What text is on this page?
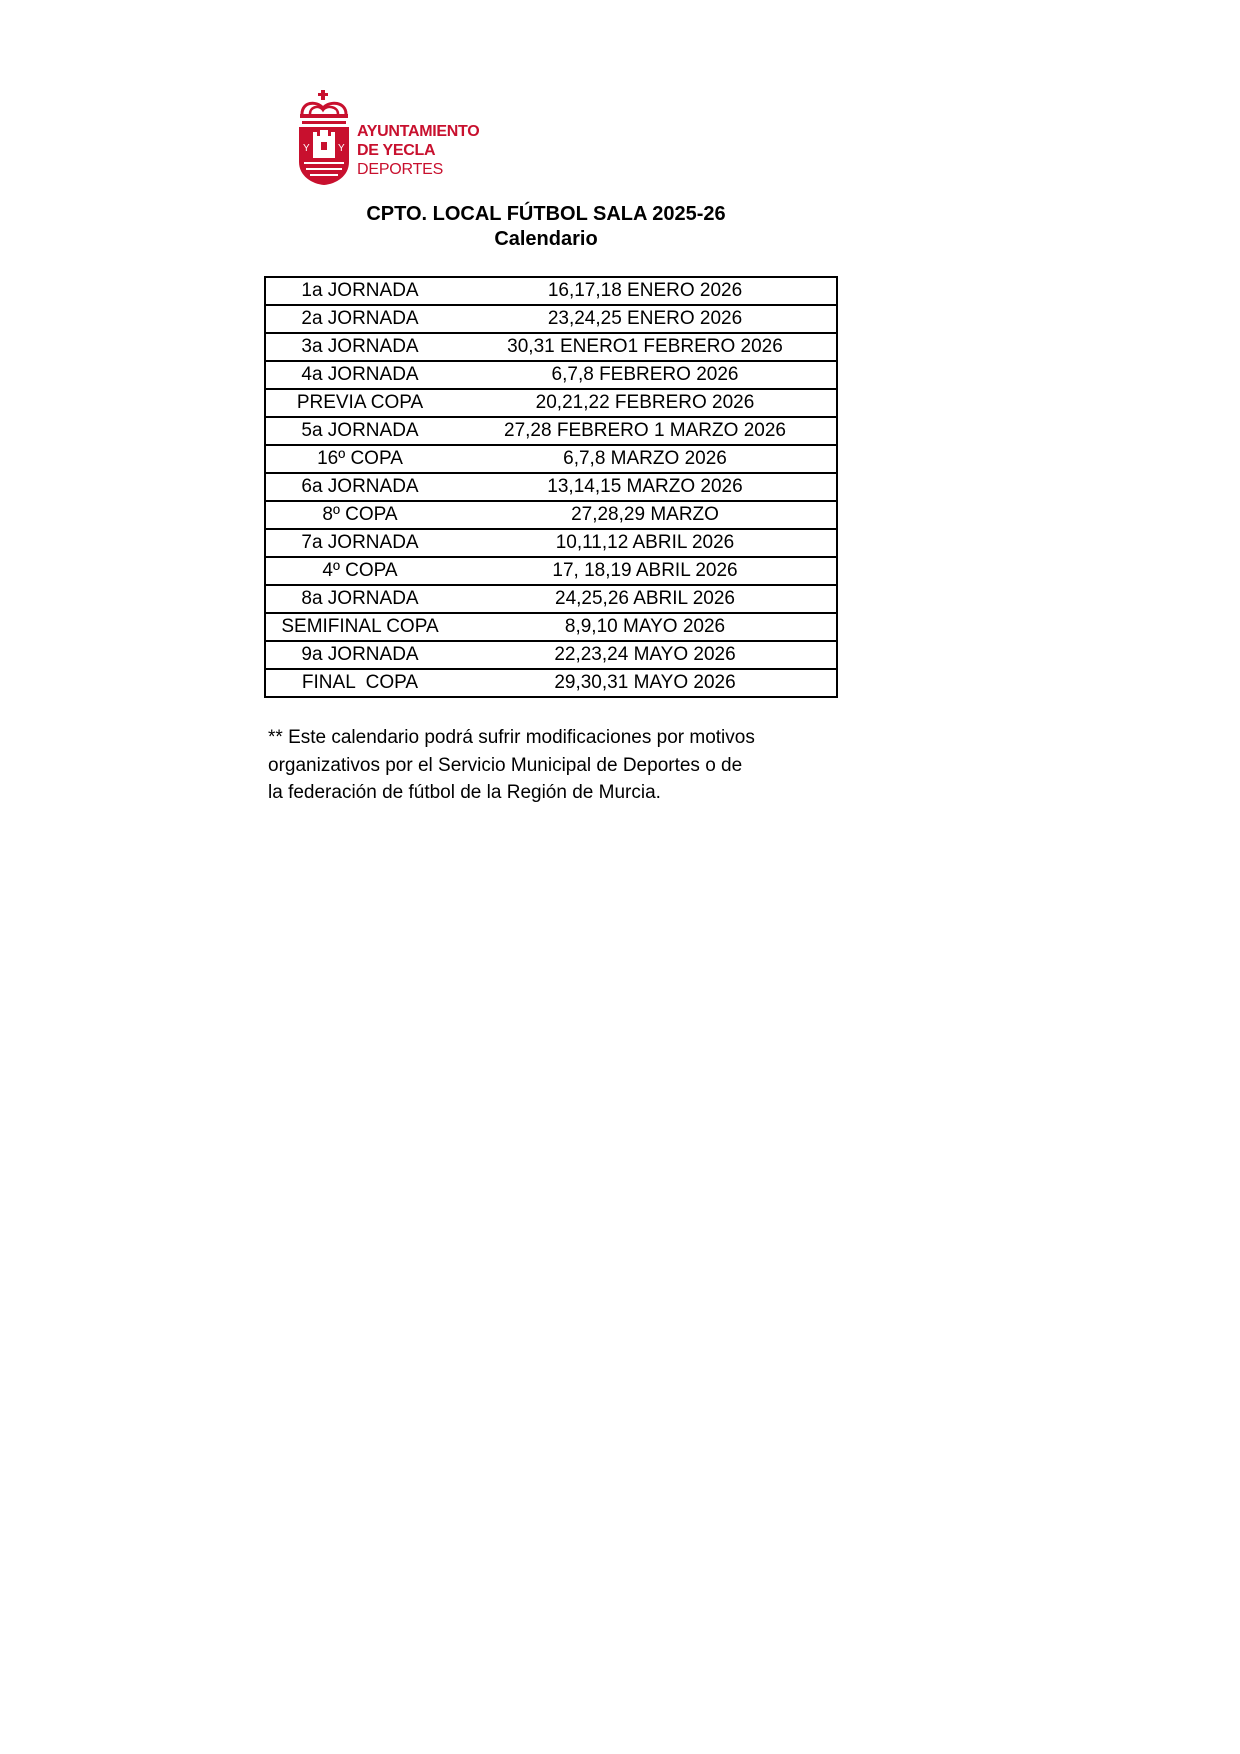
Y	Y
AYUNTAMIENTO
DE YECLA
DEPORTES
CPTO. LOCAL FÚTBOL SALA 2025-26
Calendario
1a JORNADA	16,17,18 ENERO 2026
2a JORNADA	23,24,25 ENERO 2026
3a JORNADA	30,31 ENERO1 FEBRERO 2026
4a JORNADA	6,7,8 FEBRERO 2026
PREVIA COPA	20,21,22 FEBRERO 2026
5a JORNADA	27,28 FEBRERO 1 MARZO 2026
16º COPA	6,7,8 MARZO 2026
6a JORNADA	13,14,15 MARZO 2026
8º COPA	27,28,29 MARZO
7a JORNADA	10,11,12 ABRIL 2026
4º COPA	17, 18,19 ABRIL 2026
8a JORNADA	24,25,26 ABRIL 2026
SEMIFINAL COPA	8,9,10 MAYO 2026
9a JORNADA	22,23,24 MAYO 2026
FINAL  COPA	29,30,31 MAYO 2026
** Este calendario podrá sufrir modificaciones por motivos
organizativos por el Servicio Municipal de Deportes o de
la federación de fútbol de la Región de Murcia.
